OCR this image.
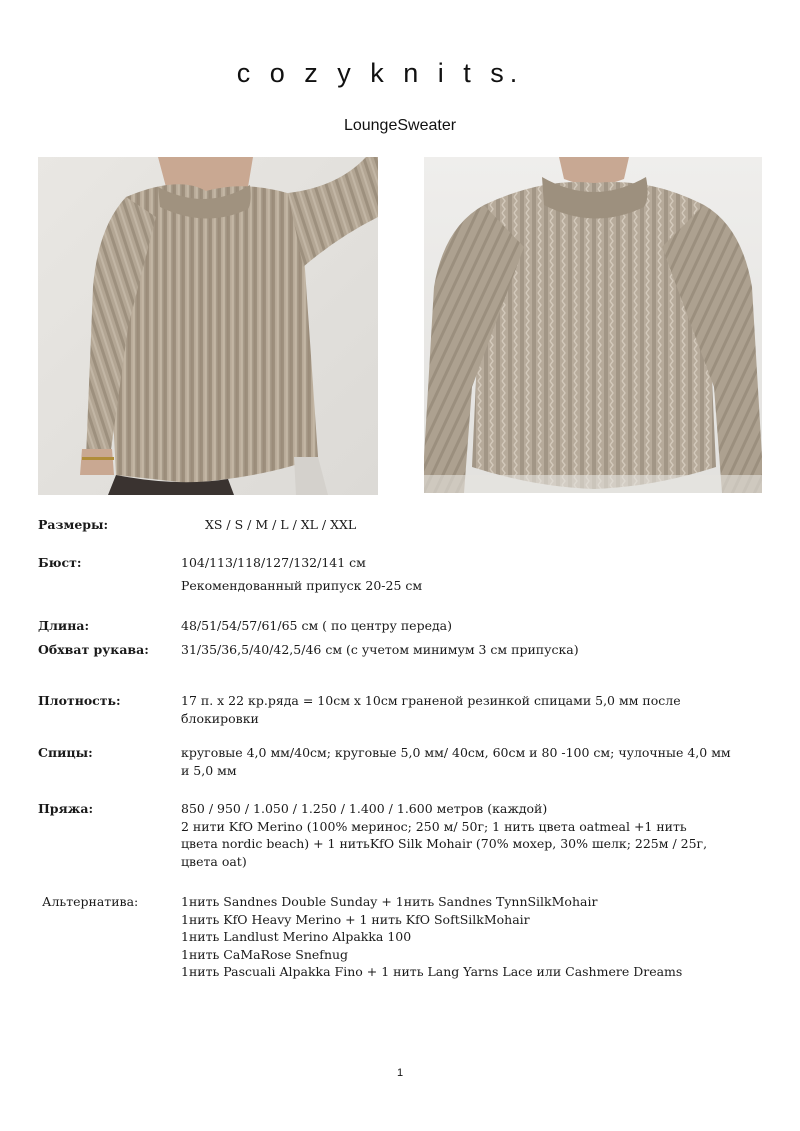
c o z y k n i t s.
LoungeSweater
Размеры:	XS / S / M / L / XL / XXL
Бюст:	104/113/118/127/132/141 см
Рекомендованный припуск 20-25 см
Длина:	48/51/54/57/61/65 см ( по центру переда)
Обхват рукава:	31/35/36,5/40/42,5/46 см (с учетом минимум 3 см припуска)
Плотность:	17 п. х 22 кр.ряда = 10см х 10см граненой резинкой спицами 5,0 мм после
блокировки
Спицы:	круговые 4,0 мм/40см; круговые 5,0 мм/ 40см, 60см и 80 -100 см; чулочные 4,0 мм
и 5,0 мм
Пряжа:	850 / 950 / 1.050 / 1.250 / 1.400 / 1.600 метров (каждой)
2 нити KfO Merino (100% меринос; 250 м/ 50г; 1 нить цвета oatmeal +1 нить
цвета nordic beach) + 1 нитьKfO Silk Mohair (70% мохер, 30% шелк; 225м / 25г,
цвета oat)
Альтернатива:	1нить Sandnes Double Sunday + 1нить Sandnes TynnSilkMohair
1нить KfO Heavy Merino + 1 нить KfO SoftSilkMohair
1нить Landlust Merino Alpakka 100
1нить CaMaRose Snefnug
1нить Pascuali Alpakka Fino + 1 нить Lang Yarns Lace или Cashmere Dreams
1
